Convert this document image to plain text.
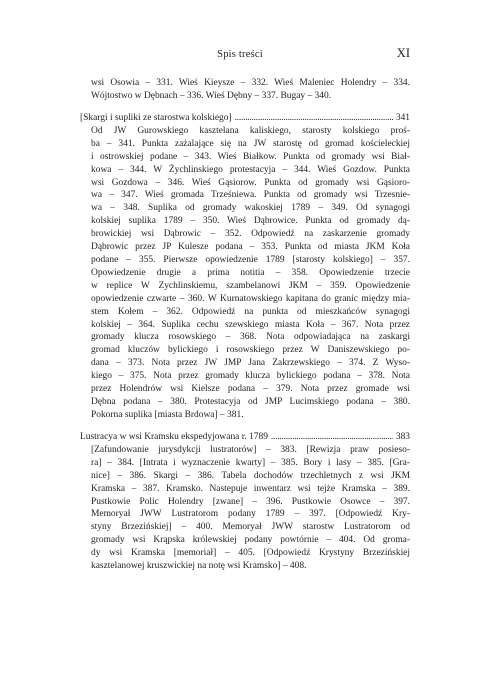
Spis treści	XI
wsi Osowia – 331. Wieś Kieysze – 332. Wieś Maleniec Holendry – 334.
Wójtostwo w Dębnach – 336. Wieś Dębny – 337. Bugay – 340.
[Skargi i supliki ze starostwa kolskiego] . . .	341
Od JW Gurowskiego kasztelana kaliskiego, starosty kolskiego proś-
ba – 341. Punkta zażalające się na JW starostę od gromad kościeleckiej
i ostrowskiej podane – 343. Wieś Białkow. Punkta od gromady wsi Biał-
kowa – 344. W Żychlinskiego protestacyja – 344. Wieś Gozdow. Punkta
wsi Gozdowa – 346. Wieś Gąsiorow. Punkta od gromady wsi Gąsioro-
wa – 347. Wieś gromada Trześniewa. Punkta od gromady wsi Trzesnie-
wa – 348. Suplika od gromady wakoskiej 1789 – 349. Od synagogi
kolskiej suplika 1789 – 350. Wieś Dąbrowice. Punkta od gromady dą-
browickiej wsi Dąbrowic – 352. Odpowiedź na zaskarzenie gromady
Dąbrowic przez JP Kulesze podana – 353. Punkta od miasta JKM Koła
podane – 355. Pierwsze opowiedzenie 1789 [starosty kolskiego] – 357.
Opowiedzenie drugie a prima notitia – 358. Opowiedzenie trzecie
w replice W Zychlinskiemu, szambelanowi JKM – 359. Opowiedzenie
opowiedzenie czwarte – 360. W Kurnatowskiego kapitana do granic między mia-
stem Kołem – 362. Odpowiedź na punkta od mieszkańców synagogi
kolskiej – 364. Suplika cechu szewskiego miasta Koła – 367. Nota przez
gromady klucza rosowskiego – 368. Nota odpowiadająca na zaskargi
gromad kluczów bylickiego i rosowskiego przez W Daniszewskiego po-
dana – 373. Nota przez JW JMP Jana Zakrzewskiego – 374. Z Wyso-
kiego – 375. Nota przez gromady klucza bylickiego podana – 378. Nota
przez Holendrów wsi Kielsze podana – 379. Nota przez gromade wsi
Dębna podana – 380. Protestacyja od JMP Lucimskiego podana – 380.
Pokorna suplika [miasta Brdowa] – 381.
Lustracya w wsi Kramsku ekspedyjowana r. 1789 . . .	383
[Zafundowanie jurysdykcji lustratorów] – 383. [Rewizja praw posieso-
ra] – 384. [Intrata i wyznaczenie kwarty] – 385. Bory i lasy – 385. [Gra-
nice] – 386. Skargi – 386. Tabela dochodów trzechletnych z wsi JKM
Kramska – 387. Kramsko. Nastepuje inwentarz wsi tejże Kramska – 389.
Pustkowie Polic Holendry [zwane] – 396. Pustkowie Osowce – 397.
Memoryał JWW Lustratorom podany 1789 – 397. [Odpowiedź Kry-
styny Brzezińskiej] – 400. Memoryał JWW starostw Lustratorom od
gromady wsi Krąpska królewskiej podany powtórnie – 404. Od groma-
dy wsi Kramska [memoriał] – 405. [Odpowiedź Krystyny Brzezińskiej
kasztelanowej kruszwickiej na notę wsi Kramsko] – 408.
